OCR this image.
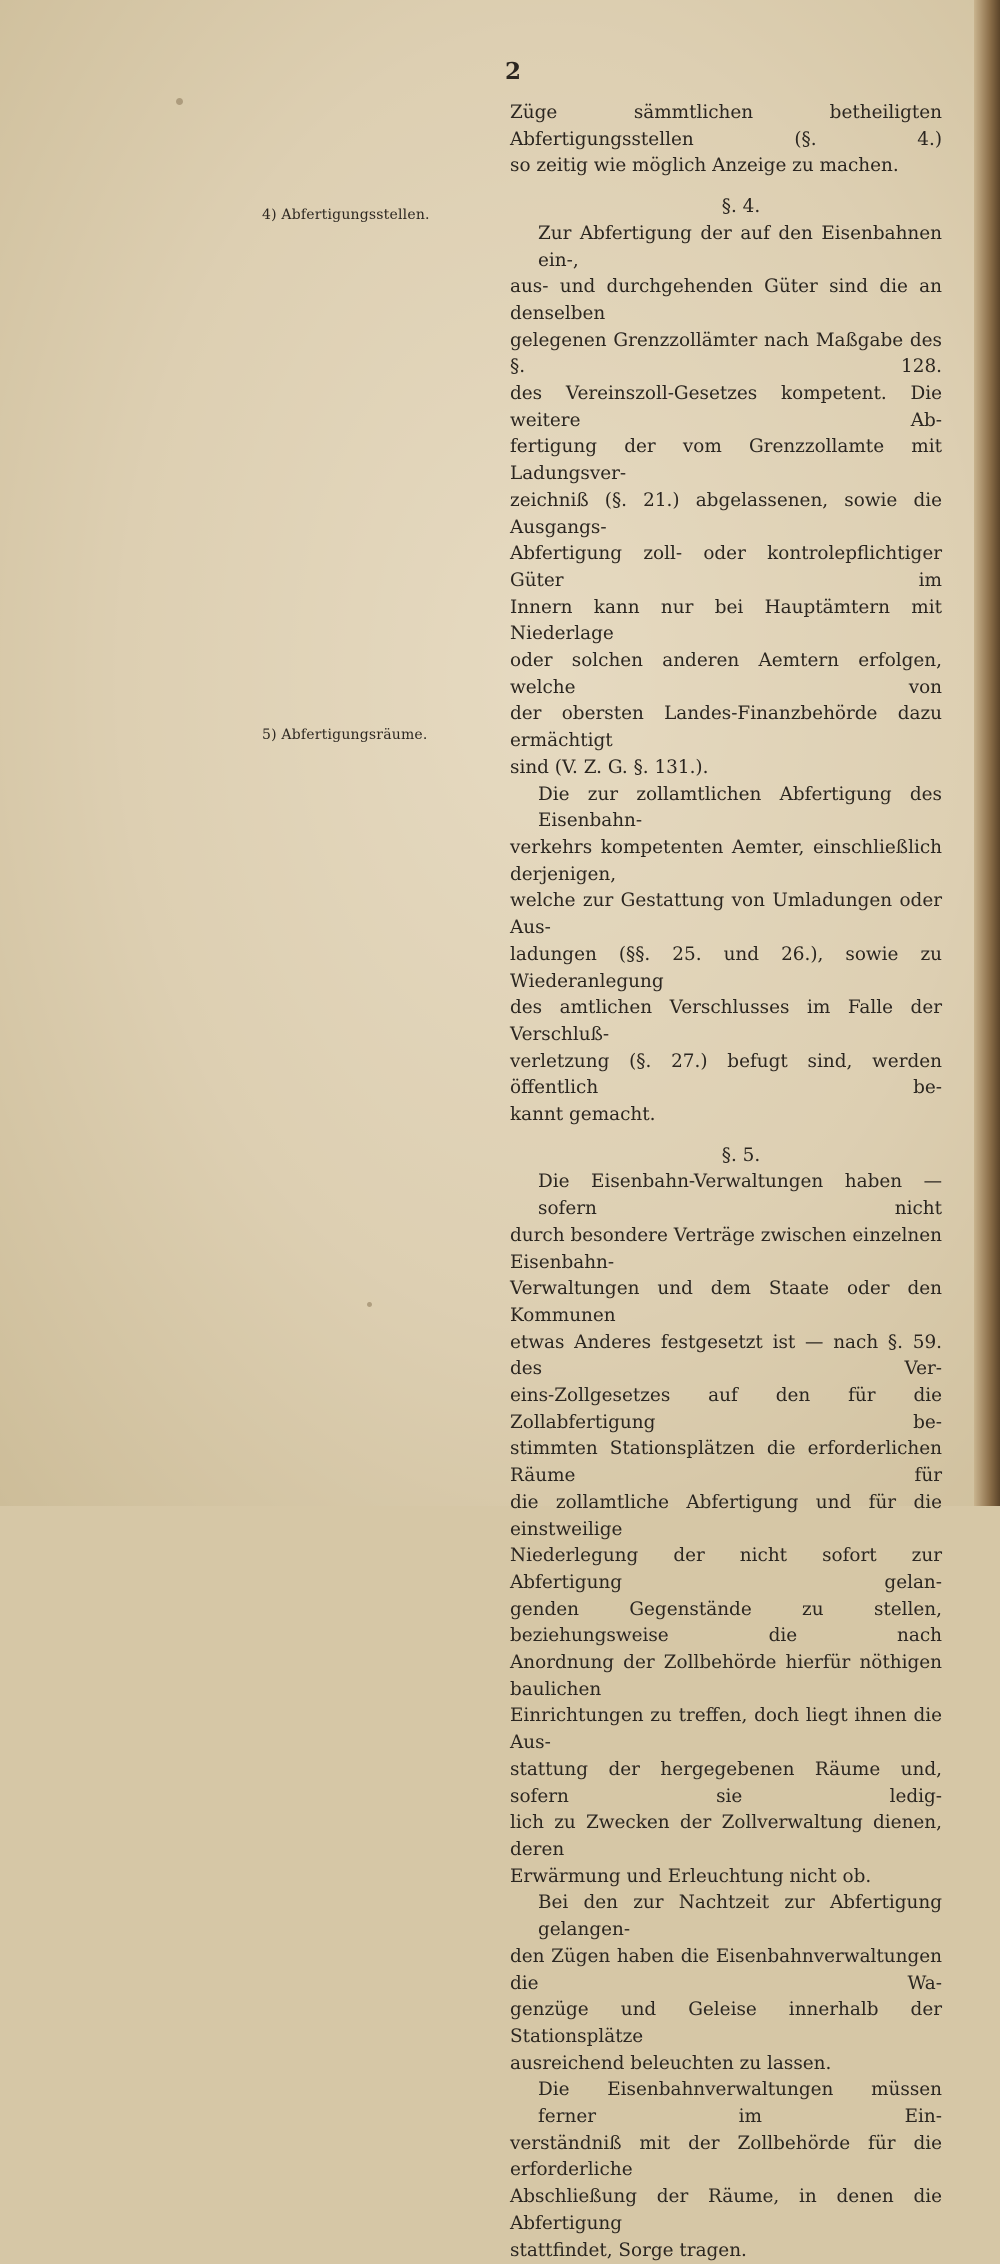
2
4) Abfertigungsstellen.
5) Abfertigungsräume.
Züge sämmtlichen betheiligten Abfertigungsstellen (§. 4.)
so zeitig wie möglich Anzeige zu machen.
§. 4.
Zur Abfertigung der auf den Eisenbahnen ein-,
aus- und durchgehenden Güter sind die an denselben
gelegenen Grenzzollämter nach Maßgabe des §. 128.
des Vereinszoll-Gesetzes kompetent. Die weitere Ab-
fertigung der vom Grenzzollamte mit Ladungsver-
zeichniß (§. 21.) abgelassenen, sowie die Ausgangs-
Abfertigung zoll- oder kontrolepflichtiger Güter im
Innern kann nur bei Hauptämtern mit Niederlage
oder solchen anderen Aemtern erfolgen, welche von
der obersten Landes-Finanzbehörde dazu ermächtigt
sind (V. Z. G. §. 131.).
Die zur zollamtlichen Abfertigung des Eisenbahn-
verkehrs kompetenten Aemter, einschließlich derjenigen,
welche zur Gestattung von Umladungen oder Aus-
ladungen (§§. 25. und 26.), sowie zu Wiederanlegung
des amtlichen Verschlusses im Falle der Verschluß-
verletzung (§. 27.) befugt sind, werden öffentlich be-
kannt gemacht.
§. 5.
Die Eisenbahn-Verwaltungen haben — sofern nicht
durch besondere Verträge zwischen einzelnen Eisenbahn-
Verwaltungen und dem Staate oder den Kommunen
etwas Anderes festgesetzt ist — nach §. 59. des Ver-
eins-Zollgesetzes auf den für die Zollabfertigung be-
stimmten Stationsplätzen die erforderlichen Räume für
die zollamtliche Abfertigung und für die einstweilige
Niederlegung der nicht sofort zur Abfertigung gelan-
genden Gegenstände zu stellen, beziehungsweise die nach
Anordnung der Zollbehörde hierfür nöthigen baulichen
Einrichtungen zu treffen, doch liegt ihnen die Aus-
stattung der hergegebenen Räume und, sofern sie ledig-
lich zu Zwecken der Zollverwaltung dienen, deren
Erwärmung und Erleuchtung nicht ob.
Bei den zur Nachtzeit zur Abfertigung gelangen-
den Zügen haben die Eisenbahnverwaltungen die Wa-
genzüge und Geleise innerhalb der Stationsplätze
ausreichend beleuchten zu lassen.
Die Eisenbahnverwaltungen müssen ferner im Ein-
verständniß mit der Zollbehörde für die erforderliche
Abschließung der Räume, in denen die Abfertigung
stattfindet, Sorge tragen.
